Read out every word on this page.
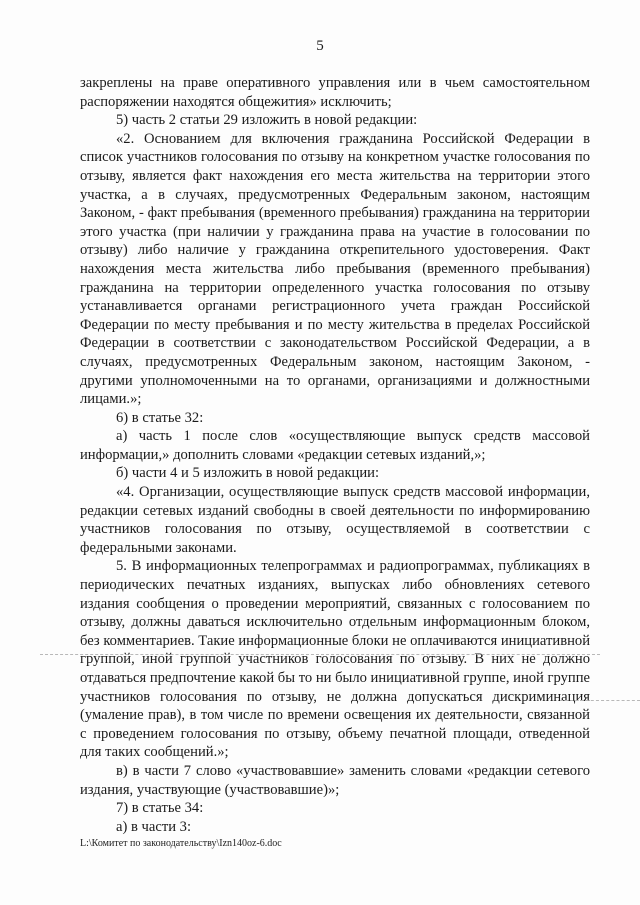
5

закреплены на праве оперативного управления или в чьем самостоятельном распоряжении находятся общежития» исключить;

5) часть 2 статьи 29 изложить в новой редакции:

«2. Основанием для включения гражданина Российской Федерации в список участников голосования по отзыву на конкретном участке голосования по отзыву, является факт нахождения его места жительства на территории этого участка, а в случаях, предусмотренных Федеральным законом, настоящим Законом, - факт пребывания (временного пребывания) гражданина на территории этого участка (при наличии у гражданина права на участие в голосовании по отзыву) либо наличие у гражданина открепительного удостоверения. Факт нахождения места жительства либо пребывания (временного пребывания) гражданина на территории определенного участка голосования по отзыву устанавливается органами регистрационного учета граждан Российской Федерации по месту пребывания и по месту жительства в пределах Российской Федерации в соответствии с законодательством Российской Федерации, а в случаях, предусмотренных Федеральным законом, настоящим Законом, - другими уполномоченными на то органами, организациями и должностными лицами.»;

6) в статье 32:

а) часть 1 после слов «осуществляющие выпуск средств массовой информации,» дополнить словами «редакции сетевых изданий,»;

б) части 4 и 5 изложить в новой редакции:

«4. Организации, осуществляющие выпуск средств массовой информации, редакции сетевых изданий свободны в своей деятельности по информированию участников голосования по отзыву, осуществляемой в соответствии с федеральными законами.

5. В информационных телепрограммах и радиопрограммах, публикациях в периодических печатных изданиях, выпусках либо обновлениях сетевого издания сообщения о проведении мероприятий, связанных с голосованием по отзыву, должны даваться исключительно отдельным информационным блоком, без комментариев. Такие информационные блоки не оплачиваются инициативной группой, иной группой участников голосования по отзыву. В них не должно отдаваться предпочтение какой бы то ни было инициативной группе, иной группе участников голосования по отзыву, не должна допускаться дискриминация (умаление прав), в том числе по времени освещения их деятельности, связанной с проведением голосования по отзыву, объему печатной площади, отведенной для таких сообщений.»;

в) в части 7 слово «участвовавшие» заменить словами «редакции сетевого издания, участвующие (участвовавшие)»;

7) в статье 34:

а) в части 3:

L:\Комитет по законодательству\Izn140oz-6.doc
